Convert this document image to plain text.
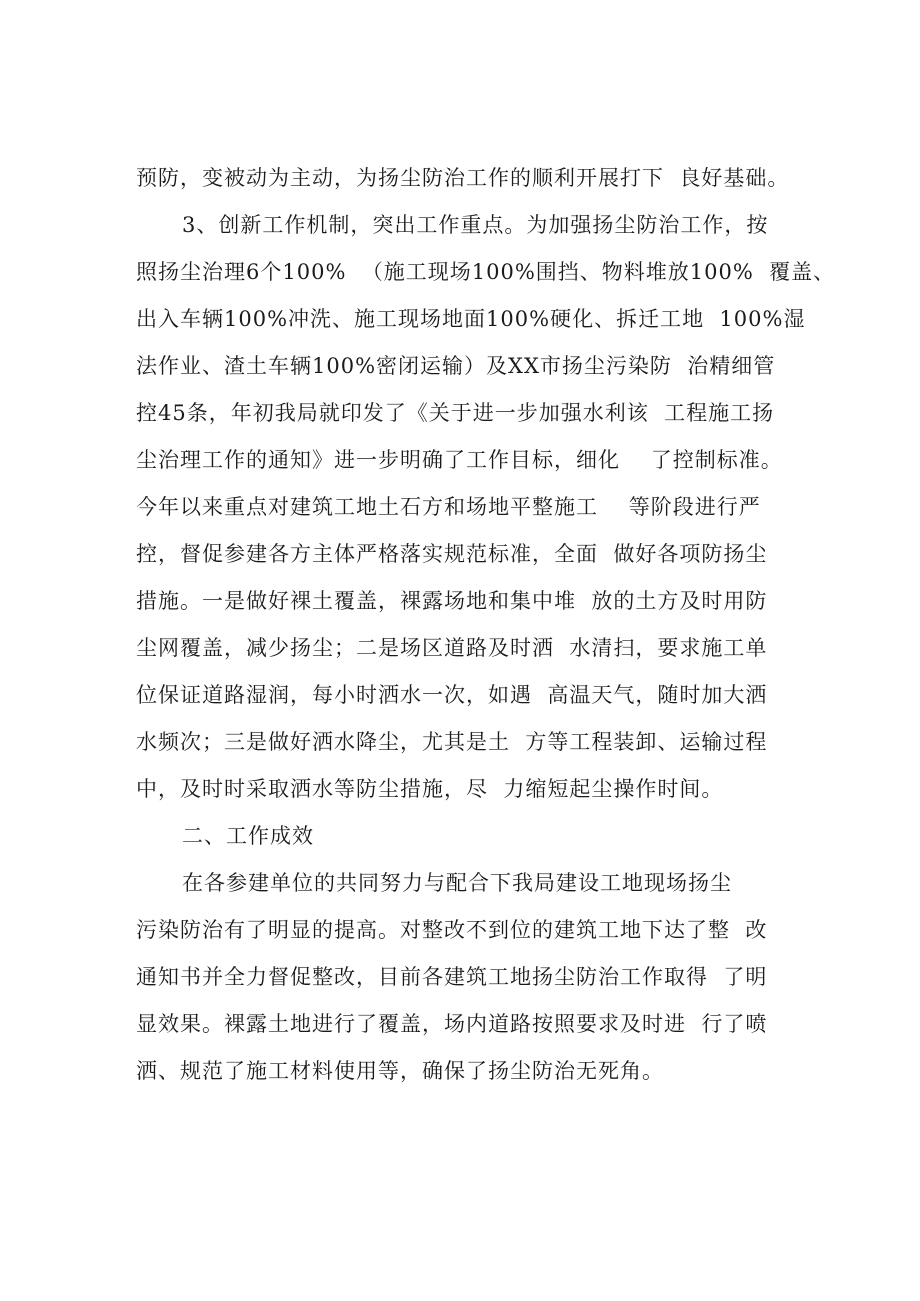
预防，变被动为主动，为扬尘防治工作的顺利开展打下  良好基础。
3、创新工作机制，突出工作重点。为加强扬尘防治工作，按
照扬尘治理6个100%  （施工现场100%围挡、物料堆放100%  覆盖、
出入车辆100%冲洗、施工现场地面100%硬化、拆迁工地  100%湿
法作业、渣土车辆100%密闭运输）及XX市扬尘污染防  治精细管
控45条，年初我局就印发了《关于进一步加强水利该  工程施工扬
尘治理工作的通知》进一步明确了工作目标，细化    了控制标准。
今年以来重点对建筑工地土石方和场地平整施工    等阶段进行严
控，督促参建各方主体严格落实规范标准，全面  做好各项防扬尘
措施。一是做好裸土覆盖，裸露场地和集中堆  放的土方及时用防
尘网覆盖，减少扬尘；二是场区道路及时洒  水清扫，要求施工单
位保证道路湿润，每小时洒水一次，如遇  高温天气，随时加大洒
水频次；三是做好洒水降尘，尤其是土  方等工程装卸、运输过程
中，及时时采取洒水等防尘措施，尽  力缩短起尘操作时间。
二、工作成效
在各参建单位的共同努力与配合下我局建设工地现场扬尘
污染防治有了明显的提高。对整改不到位的建筑工地下达了整  改
通知书并全力督促整改，目前各建筑工地扬尘防治工作取得  了明
显效果。裸露土地进行了覆盖，场内道路按照要求及时进  行了喷
洒、规范了施工材料使用等，确保了扬尘防治无死角。
